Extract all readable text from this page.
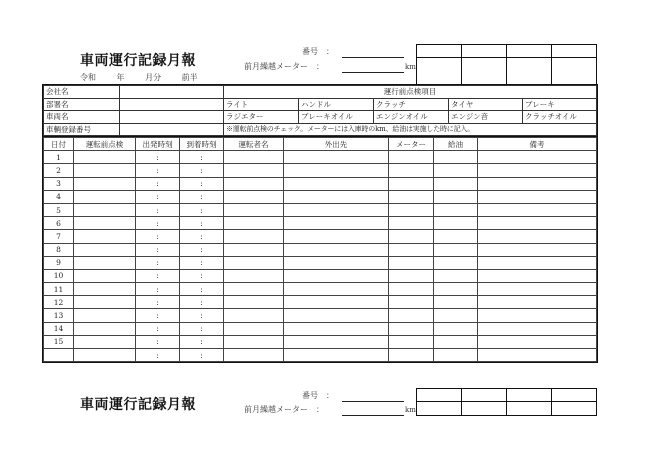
車両運行記録月報
令和	年	月分	前半
番号　：
前月繰越メーター　：	km

会社名		運行前点検項目				
部署名		ライト	ハンドル	クラッチ	タイヤ	ブレーキ
車両名		ラジエター	ブレーキオイル	エンジンオイル	エンジン音	クラッチオイル
車輌登録番号		※運転前点検のチェック。メーターには入庫時のkm、給油は実施した時に記入。				
日付	運転前点検	出発時刻	到着時刻	運転者名	外出先	メーター	給油	備考
1		:	:					
2		:	:					
3		:	:					
4		:	:					
5		:	:					
6		:	:					
7		:	:					
8		:	:					
9		:	:					
10		:	:					
11		:	:					
12		:	:					
13		:	:					
14		:	:					
15		:	:					
		:	:					
車両運行記録月報
番号　：
前月繰越メーター　：	km
